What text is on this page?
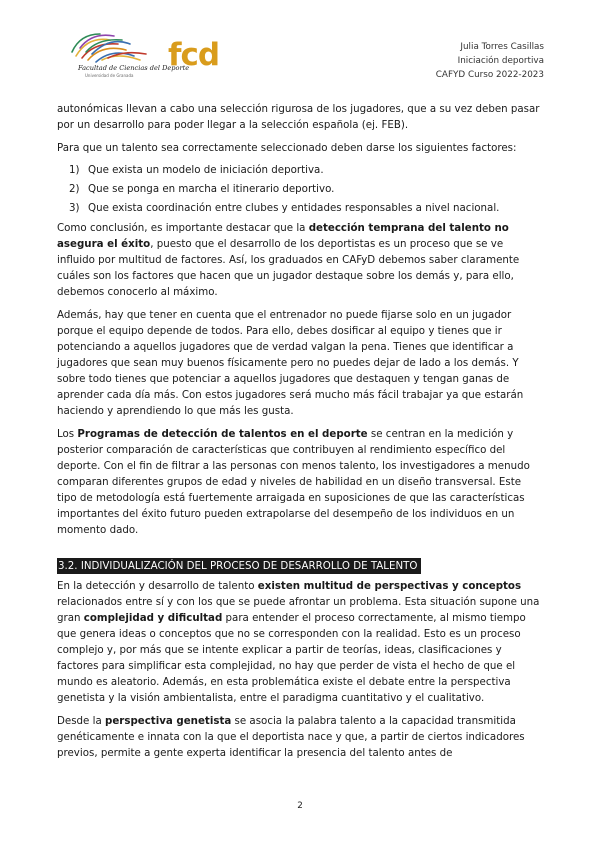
Facultad de Ciencias del Deporte
Universidad de Granada
fcd	Julia Torres Casillas
Iniciación deportiva
CAFYD Curso 2022-2023

autonómicas llevan a cabo una selección rigurosa de los jugadores, que a su vez deben pasar por un desarrollo para poder llegar a la selección española (ej. FEB).

Para que un talento sea correctamente seleccionado deben darse los siguientes factores:

1) Que exista un modelo de iniciación deportiva.
2) Que se ponga en marcha el itinerario deportivo.
3) Que exista coordinación entre clubes y entidades responsables a nivel nacional.

Como conclusión, es importante destacar que la detección temprana del talento no asegura el éxito, puesto que el desarrollo de los deportistas es un proceso que se ve influido por multitud de factores. Así, los graduados en CAFyD debemos saber claramente cuáles son los factores que hacen que un jugador destaque sobre los demás y, para ello, debemos conocerlo al máximo.

Además, hay que tener en cuenta que el entrenador no puede fijarse solo en un jugador porque el equipo depende de todos. Para ello, debes dosificar al equipo y tienes que ir potenciando a aquellos jugadores que de verdad valgan la pena. Tienes que identificar a jugadores que sean muy buenos físicamente pero no puedes dejar de lado a los demás. Y sobre todo tienes que potenciar a aquellos jugadores que destaquen y tengan ganas de aprender cada día más. Con estos jugadores será mucho más fácil trabajar ya que estarán haciendo y aprendiendo lo que más les gusta.

Los Programas de detección de talentos en el deporte se centran en la medición y posterior comparación de características que contribuyen al rendimiento específico del deporte. Con el fin de filtrar a las personas con menos talento, los investigadores a menudo comparan diferentes grupos de edad y niveles de habilidad en un diseño transversal. Este tipo de metodología está fuertemente arraigada en suposiciones de que las características importantes del éxito futuro pueden extrapolarse del desempeño de los individuos en un momento dado.

3.2. INDIVIDUALIZACIÓN DEL PROCESO DE DESARROLLO DE TALENTO

En la detección y desarrollo de talento existen multitud de perspectivas y conceptos relacionados entre sí y con los que se puede afrontar un problema. Esta situación supone una gran complejidad y dificultad para entender el proceso correctamente, al mismo tiempo que genera ideas o conceptos que no se corresponden con la realidad. Esto es un proceso complejo y, por más que se intente explicar a partir de teorías, ideas, clasificaciones y factores para simplificar esta complejidad, no hay que perder de vista el hecho de que el mundo es aleatorio. Además, en esta problemática existe el debate entre la perspectiva genetista y la visión ambientalista, entre el paradigma cuantitativo y el cualitativo.

Desde la perspectiva genetista se asocia la palabra talento a la capacidad transmitida genéticamente e innata con la que el deportista nace y que, a partir de ciertos indicadores previos, permite a gente experta identificar la presencia del talento antes de

2
